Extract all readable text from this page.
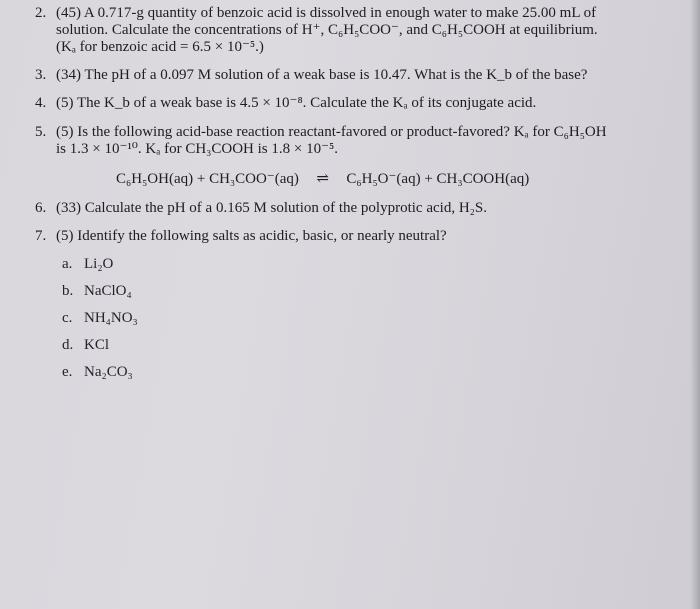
2. (45) A 0.717-g quantity of benzoic acid is dissolved in enough water to make 25.00 mL of
solution. Calculate the concentrations of H⁺, C₆H₅COO⁻, and C₆H₅COOH at equilibrium.
(Kₐ for benzoic acid = 6.5 × 10⁻⁵.)
3. (34) The pH of a 0.097 M solution of a weak base is 10.47. What is the K_b of the base?
4. (5) The K_b of a weak base is 4.5 × 10⁻⁸. Calculate the Kₐ of its conjugate acid.
5. (5) Is the following acid-base reaction reactant-favored or product-favored? Kₐ for C₆H₅OH
is 1.3 × 10⁻¹⁰. Kₐ for CH₃COOH is 1.8 × 10⁻⁵.
C₆H₅OH(aq) + CH₃COO⁻(aq) ⇌ C₆H₅O⁻(aq) + CH₃COOH(aq)
6. (33) Calculate the pH of a 0.165 M solution of the polyprotic acid, H₂S.
7. (5) Identify the following salts as acidic, basic, or nearly neutral?
a. Li₂O
b. NaClO₄
c. NH₄NO₃
d. KCl
e. Na₂CO₃
